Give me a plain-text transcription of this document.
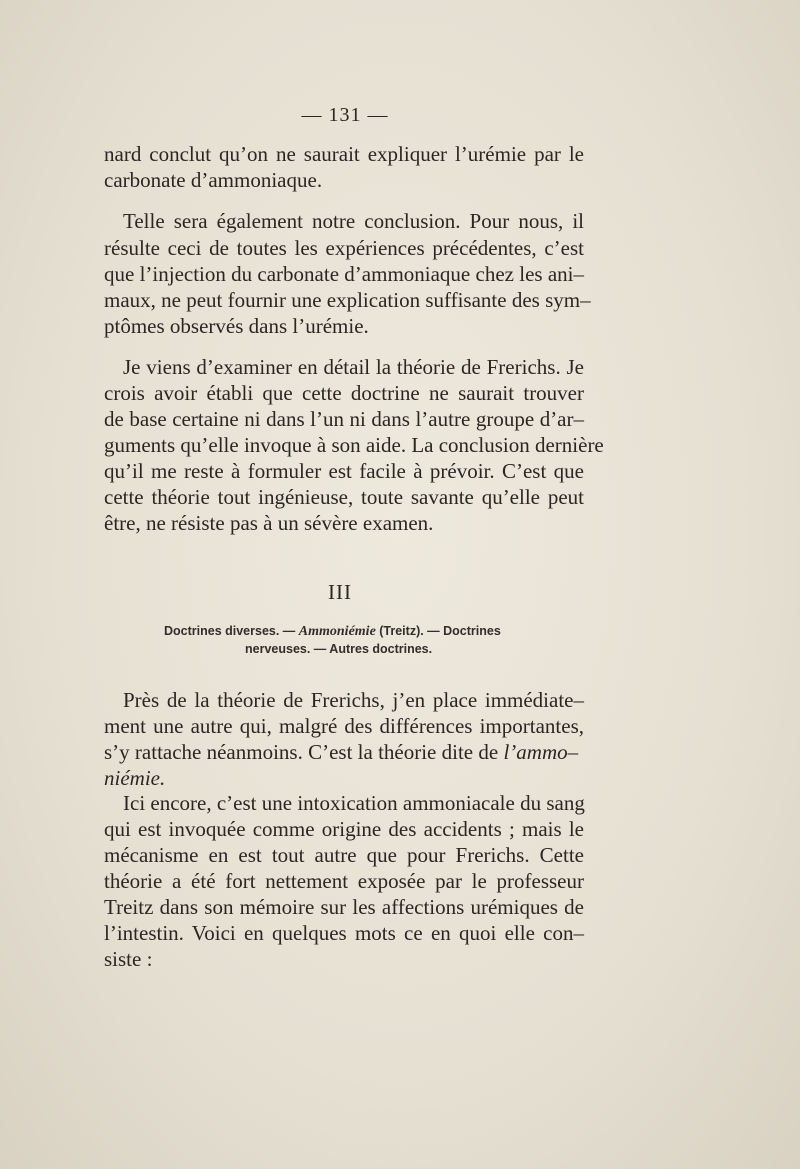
— 131 —
nard conclut qu’on ne saurait expliquer l’urémie par le
carbonate d’ammoniaque.
Telle sera également notre conclusion. Pour nous, il
résulte ceci de toutes les expériences précédentes, c’est
que l’injection du carbonate d’ammoniaque chez les ani–
maux, ne peut fournir une explication suffisante des sym–
ptômes observés dans l’urémie.
Je viens d’examiner en détail la théorie de Frerichs. Je
crois avoir établi que cette doctrine ne saurait trouver
de base certaine ni dans l’un ni dans l’autre groupe d’ar–
guments qu’elle invoque à son aide. La conclusion dernière
qu’il me reste à formuler est facile à prévoir. C’est que
cette théorie tout ingénieuse, toute savante qu’elle peut
être, ne résiste pas à un sévère examen.
III
Doctrines diverses. — Ammoniémie (Treitz). — Doctrines
nerveuses. — Autres doctrines.
Près de la théorie de Frerichs, j’en place immédiate–
ment une autre qui, malgré des différences importantes,
s’y rattache néanmoins. C’est la théorie dite de l’ammo–
niémie.
Ici encore, c’est une intoxication ammoniacale du sang
qui est invoquée comme origine des accidents ; mais le
mécanisme en est tout autre que pour Frerichs. Cette
théorie a été fort nettement exposée par le professeur
Treitz dans son mémoire sur les affections urémiques de
l’intestin. Voici en quelques mots ce en quoi elle con–
siste :
